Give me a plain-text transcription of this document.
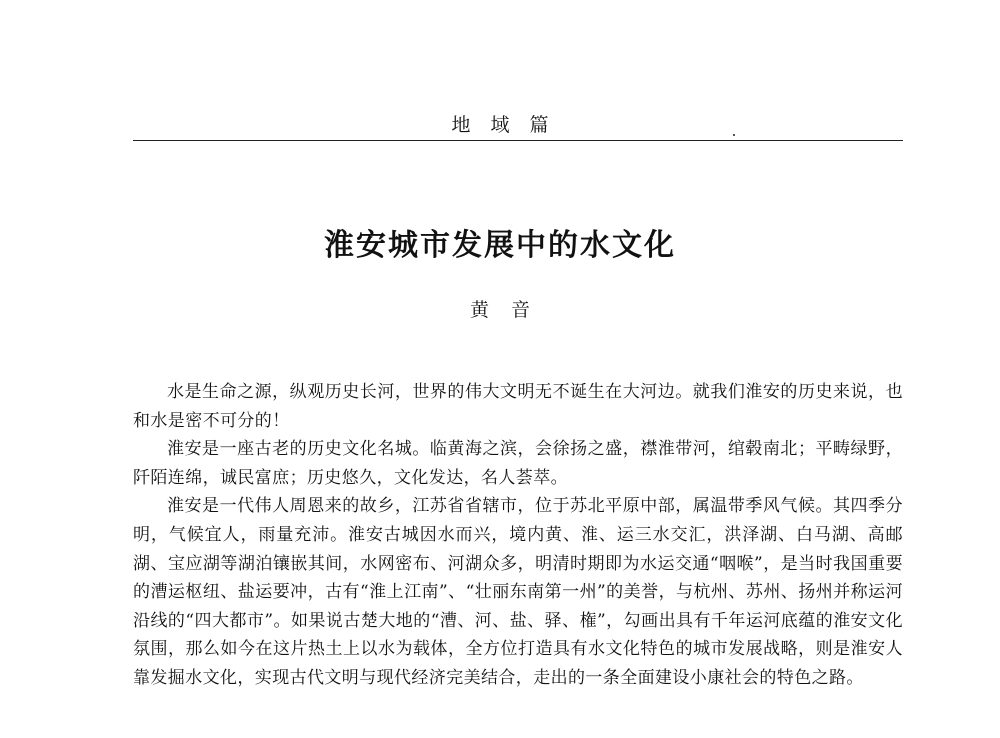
地域篇
淮安城市发展中的水文化
黄音

水是生命之源，纵观历史长河，世界的伟大文明无不诞生在大河边。就我们淮安的历史来说，也和水是密不可分的！

淮安是一座古老的历史文化名城。临黄海之滨，会徐扬之盛，襟淮带河，绾毂南北；平畴绿野，阡陌连绵，诚民富庶；历史悠久，文化发达，名人荟萃。

淮安是一代伟人周恩来的故乡，江苏省省辖市，位于苏北平原中部，属温带季风气候。其四季分明，气候宜人，雨量充沛。淮安古城因水而兴，境内黄、淮、运三水交汇，洪泽湖、白马湖、高邮湖、宝应湖等湖泊镶嵌其间，水网密布、河湖众多，明清时期即为水运交通“咽喉”，是当时我国重要的漕运枢纽、盐运要冲，古有“淮上江南”、“壮丽东南第一州”的美誉，与杭州、苏州、扬州并称运河沿线的“四大都市”。如果说古楚大地的“漕、河、盐、驿、権”，勾画出具有千年运河底蕴的淮安文化氛围，那么如今在这片热土上以水为载体，全方位打造具有水文化特色的城市发展战略，则是淮安人靠发掘水文化，实现古代文明与现代经济完美结合，走出的一条全面建设小康社会的特色之路。
